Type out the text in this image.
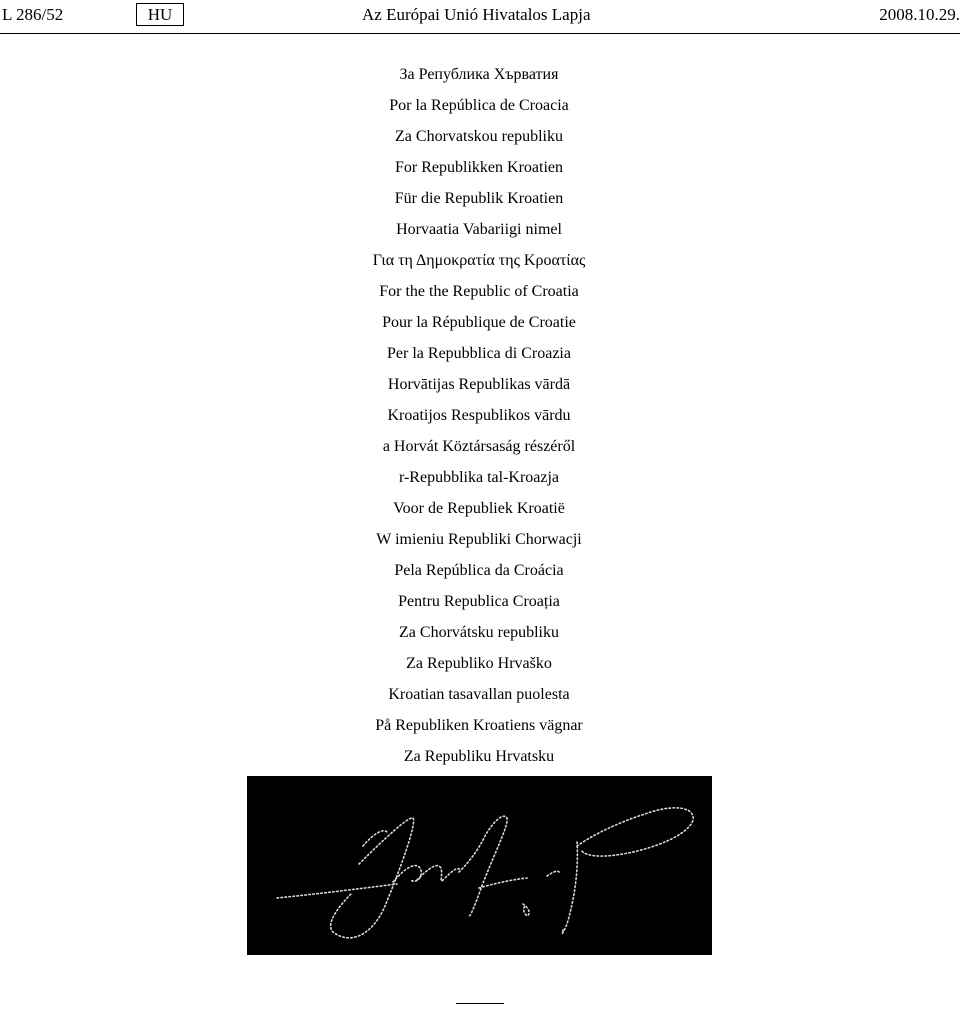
L 286/52	HU	Az Európai Unió Hivatalos Lapja	2008.10.29.
За Република Хърватия
Por la República de Croacia
Za Chorvatskou republiku
For Republikken Kroatien
Für die Republik Kroatien
Horvaatia Vabariigi nimel
Για τη Δημοκρατία της Κροατίας
For the the Republic of Croatia
Pour la République de Croatie
Per la Repubblica di Croazia
Horvātijas Republikas vārdā
Kroatijos Respublikos vārdu
a Horvát Köztársaság részéről
r-Repubblika tal-Kroazja
Voor de Republiek Kroatië
W imieniu Republiki Chorwacji
Pela República da Croácia
Pentru Republica Croația
Za Chorvátsku republiku
Za Republiko Hrvaško
Kroatian tasavallan puolesta
På Republiken Kroatiens vägnar
Za Republiku Hrvatsku
